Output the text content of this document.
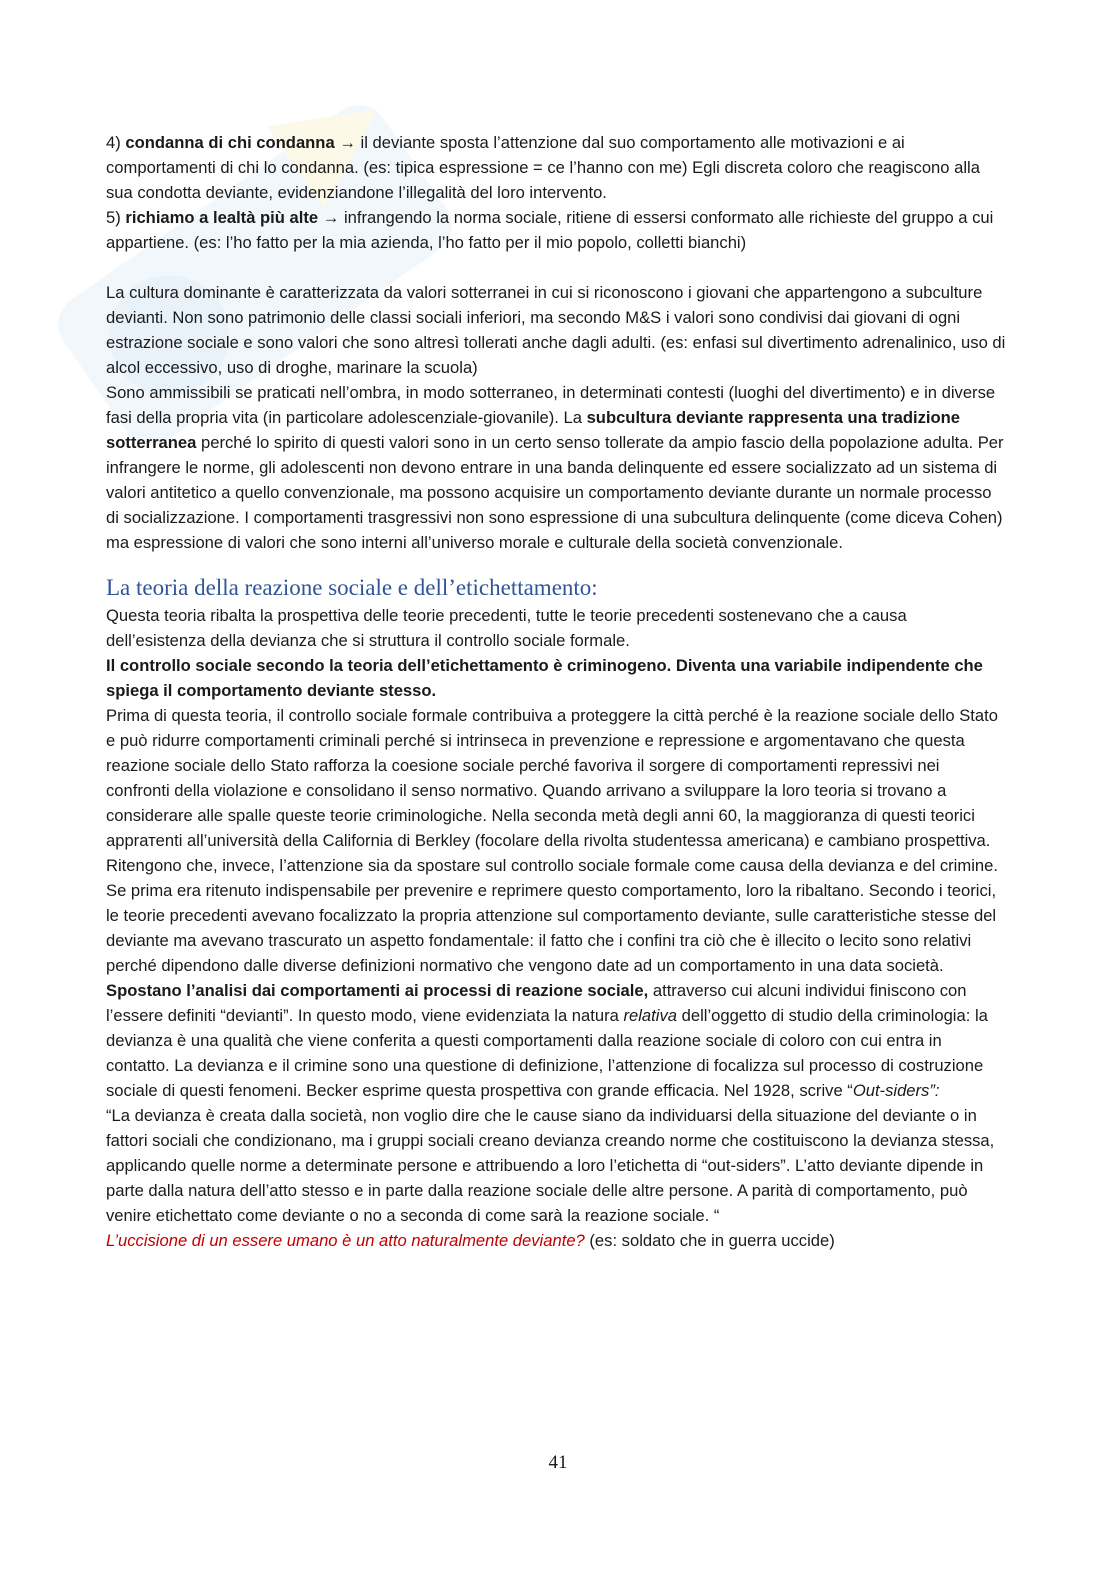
4) condanna di chi condanna → il deviante sposta l’attenzione dal suo comportamento alle motivazioni e ai comportamenti di chi lo condanna. (es: tipica espressione = ce l’hanno con me) Egli discreta coloro che reagiscono alla sua condotta deviante, evidenziandone l’illegalità del loro intervento.

5) richiamo a lealtà più alte → infrangendo la norma sociale, ritiene di essersi conformato alle richieste del gruppo a cui appartiene. (es: l’ho fatto per la mia azienda, l’ho fatto per il mio popolo, colletti bianchi)

La cultura dominante è caratterizzata da valori sotterranei in cui si riconoscono i giovani che appartengono a subculture devianti. Non sono patrimonio delle classi sociali inferiori, ma secondo M&S i valori sono condivisi dai giovani di ogni estrazione sociale e sono valori che sono altresì tollerati anche dagli adulti. (es: enfasi sul divertimento adrenalinico, uso di alcol eccessivo, uso di droghe, marinare la scuola)

Sono ammissibili se praticati nell’ombra, in modo sotterraneo, in determinati contesti (luoghi del divertimento) e in diverse fasi della propria vita (in particolare adolescenziale-giovanile). La subcultura deviante rappresenta una tradizione sotterranea perché lo spirito di questi valori sono in un certo senso tollerate da ampio fascio della popolazione adulta. Per infrangere le norme, gli adolescenti non devono entrare in una banda delinquente ed essere socializzato ad un sistema di valori antitetico a quello convenzionale, ma possono acquisire un comportamento deviante durante un normale processo di socializzazione. I comportamenti trasgressivi non sono espressione di una subcultura delinquente (come diceva Cohen) ma espressione di valori che sono interni all’universo morale e culturale della società convenzionale.

La teoria della reazione sociale e dell’etichettamento:

Questa teoria ribalta la prospettiva delle teorie precedenti, tutte le teorie precedenti sostenevano che a causa dell’esistenza della devianza che si struttura il controllo sociale formale.

Il controllo sociale secondo la teoria dell’etichettamento è criminogeno. Diventa una variabile indipendente che spiega il comportamento deviante stesso.

Prima di questa teoria, il controllo sociale formale contribuiva a proteggere la città perché è la reazione sociale dello Stato e può ridurre comportamenti criminali perché si intrinseca in prevenzione e repressione e argomentavano che questa reazione sociale dello Stato rafforza la coesione sociale perché favoriva il sorgere di comportamenti repressivi nei confronti della violazione e consolidano il senso normativo. Quando arrivano a sviluppare la loro teoria si trovano a considerare alle spalle queste teorie criminologiche. Nella seconda metà degli anni 60, la maggioranza di questi teorici apprатenti all’università della California di Berkley (focolare della rivolta studentessa americana) e cambiano prospettiva. Ritengono che, invece, l’attenzione sia da spostare sul controllo sociale formale come causa della devianza e del crimine. Se prima era ritenuto indispensabile per prevenire e reprimere questo comportamento, loro la ribaltano. Secondo i teorici, le teorie precedenti avevano focalizzato la propria attenzione sul comportamento deviante, sulle caratteristiche stesse del deviante ma avevano trascurato un aspetto fondamentale: il fatto che i confini tra ciò che è illecito o lecito sono relativi perché dipendono dalle diverse definizioni normativo che vengono date ad un comportamento in una data società. Spostano l’analisi dai comportamenti ai processi di reazione sociale, attraverso cui alcuni individui finiscono con l’essere definiti “devianti”. In questo modo, viene evidenziata la natura relativa dell’oggetto di studio della criminologia: la devianza è una qualità che viene conferita a questi comportamenti dalla reazione sociale di coloro con cui entra in contatto. La devianza e il crimine sono una questione di definizione, l’attenzione di focalizza sul processo di costruzione sociale di questi fenomeni. Becker esprime questa prospettiva con grande efficacia. Nel 1928, scrive “Out-siders”:

“La devianza è creata dalla società, non voglio dire che le cause siano da individuarsi della situazione del deviante o in fattori sociali che condizionano, ma i gruppi sociali creano devianza creando norme che costituiscono la devianza stessa, applicando quelle norme a determinate persone e attribuendo a loro l’etichetta di “out-siders”. L’atto deviante dipende in parte dalla natura dell’atto stesso e in parte dalla reazione sociale delle altre persone. A parità di comportamento, può venire etichettato come deviante o no a seconda di come sarà la reazione sociale. “

L’uccisione di un essere umano è un atto naturalmente deviante? (es: soldato che in guerra uccide)

41
